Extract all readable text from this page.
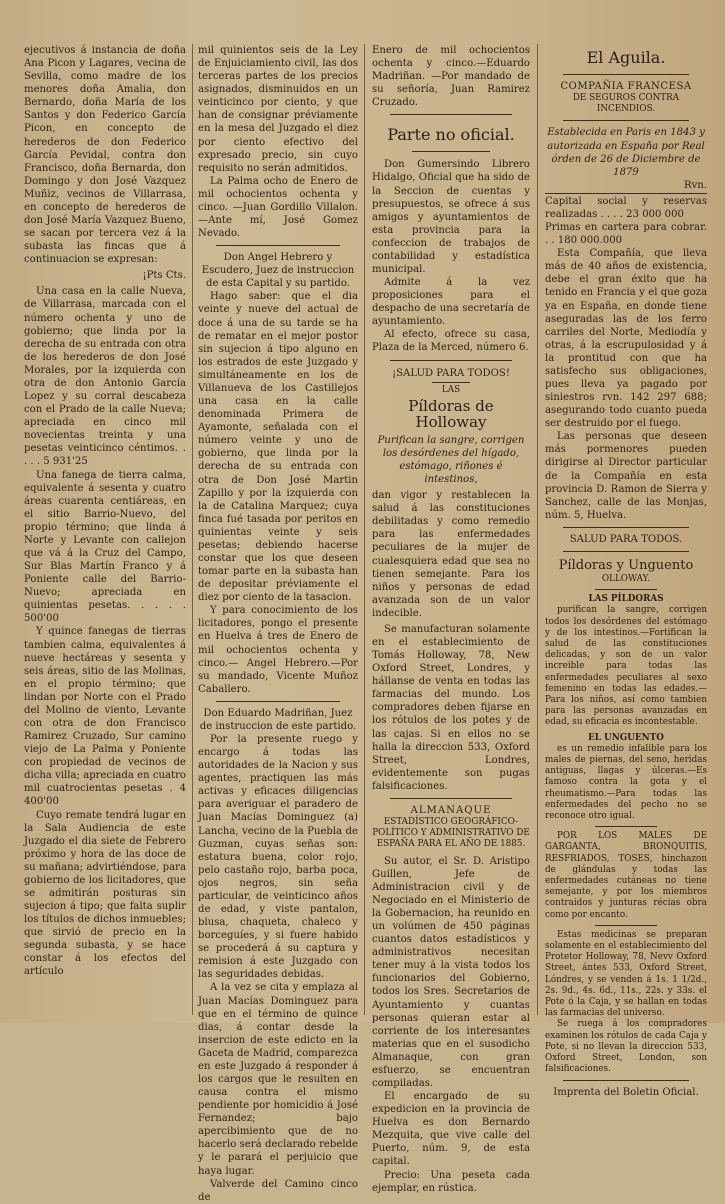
ejecutivos á instancia de doña Ana Picon y Lagares, vecina de Sevilla, como madre de los menores doña Amalia, don Bernardo, doña María de los Santos y don Federico García Picon, en concepto de herederos de don Federico García Pevidal, contra don Francisco, doña Bernarda, don Domingo y don José Vazquez Muñiz, vecinos de Villarrasa, en concepto de herederos de don José María Vazquez Bueno, se sacan por tercera vez á la subasta las fincas que á continuacion se expresan:

¡Pts Cts.

Una casa en la calle Nueva, de Villarrasa, marcada con el número ochenta y uno de gobierno; que linda por la derecha de su entrada con otra de los herederos de don José Morales, por la izquierda con otra de don Antonio García Lopez y su corral descabeza con el Prado de la calle Nueva; apreciada en cinco mil novecientas treinta y una pesetas veinticinco céntimos. . . . . 5 931'25

Una fanega de tierra calma, equivalente á sesenta y cuatro áreas cuarenta centiáreas, en el sitio Barrio-Nuevo, del propio término; que linda á Norte y Levante con callejon que vá á la Cruz del Campo, Sur Blas Martín Franco y á Poniente calle del Barrio-Nuevo; apreciada en quinientas pesetas. . . . . 500'00

Y quince fanegas de tierras tambien calma, equivalentes á nueve hectáreas y sesenta y seis áreas, sitio de las Molinas, en el propio término; que lindan por Norte con el Prado del Molino de viento, Levante con otra de don Francisco Ramirez Cruzado, Sur camino viejo de La Palma y Poniente con propiedad de vecinos de dicha villa; apreciada en cuatro mil cuatrocientas pesetas . 4 400'00

Cuyo remate tendrá lugar en la Sala Audiencia de este Juzgado el dia siete de Febrero próximo y hora de las doce de su mañana; advirtiéndose, para gobierno de los licitadores, que se admitirán posturas sin sujecion á tipo; que falta suplir los títulos de dichos inmuebles; que sirvió de precio en la segunda subasta, y se hace constar á los efectos del artículo

mil quinientos seis de la Ley de Enjuiciamiento civil, las dos terceras partes de los precios asignados, disminuidos en un veinticinco por ciento, y que han de consignar préviamente en la mesa del Juzgado el diez por ciento efectivo del expresado precio, sin cuyo requisito no serán admitidos.

La Palma ocho de Enero de mil ochocientos ochenta y cinco. —Juan Gordillo Villalon.—Ante mí, José Gomez Nevado.

Don Angel Hebrero y Escudero, Juez de instruccion de esta Capital y su partido.

Hago saber: que el dia veinte y nueve del actual de doce á una de su tarde se ha de rematar en el mejor postor sin sujecion á tipo alguno en los estrados de este Juzgado y simultáneamente en los de Villanueva de los Castillejos una casa en la calle denominada Primera de Ayamonte, señalada con el número veinte y uno de gobierno, que linda por la derecha de su entrada con otra de Don José Martin Zapillo y por la izquierda con la de Catalina Marquez; cuya finca fué tasada por peritos en quinientas veinte y seis pesetas; debiendo hacerse constar que los que deseen tomar parte en la subasta han de depositar préviamente el diez por ciento de la tasacion.

Y para conocimiento de los licitadores, pongo el presente en Huelva á tres de Enero de mil ochocientos ochenta y cinco.— Angel Hebrero.—Por su mandado, Vicente Muñoz Caballero.

Don Eduardo Madriñan, Juez de instruccion de este partido.

Por la presente ruego y encargo á todas las autoridades de la Nacion y sus agentes, practiquen las más activas y eficaces diligencias para averiguar el paradero de Juan Macías Dominguez (a) Lancha, vecino de la Puebla de Guzman, cuyas señas son: estatura buena, color rojo, pelo castaño rojo, barba poca, ojos negros, sin seña particular, de veinticinco años de edad, y viste pantalon, blusa, chaqueta, chaleco y borceguíes, y si fuere habido se procederá á su captura y remision á este Juzgado con las seguridades debidas.

A la vez se cita y emplaza al Juan Macías Dominguez para que en el término de quince dias, á contar desde la insercion de este edicto en la Gaceta de Madrid, comparezca en este Juzgado á responder á los cargos que le resulten en causa contra el mismo pendiente por homicidio á José Fernandez; bajo apercibimiento que de no hacerlo será declarado rebelde y le parará el perjuicio que haya lugar.

Valverde del Camino cinco de

Enero de mil ochocientos ochenta y cinco.—Eduardo Madriñan. —Por mandado de su señoría, Juan Ramirez Cruzado.

Parte no oficial.

Don Gumersindo Librero Hidalgo, Oficial que ha sido de la Seccion de cuentas y presupuestos, se ofrece á sus amigos y ayuntamientos de esta provincia para la confeccion de trabajos de contabilidad y estadística municipal.

Admite á la vez proposiciones para el despacho de una secretaría de ayuntamiento.

Al efecto, ofrece su casa, Plaza de la Merced, número 6.

¡SALUD PARA TODOS!
LAS
Píldoras de Holloway

Purifican la sangre, corrigen los desórdenes del hígado, estómago, riñones é intestinos,

dan vigor y restablecen la salud á las constituciones debilitadas y como remedio para las enfermedades peculiares de la mujer de cualesquiera edad que sea no tienen semejante. Para los niños y personas de edad avanzada son de un valor indecible.

Se manufacturan solamente en el establecimiento de Tomás Holloway, 78, New Oxford Street, Londres, y hállanse de venta en todas las farmacias del mundo. Los compradores deben fijarse en los rótulos de los potes y de las cajas. Si en ellos no se halla la direccion 533, Oxford Street, Londres, evidentemente son pugas falsificaciones.

ALMANAQUE

ESTADÍSTICO GEOGRÁFICO-POLÍTICO Y ADMINISTRATIVO DE ESPAÑA PARA EL AÑO DE 1885.

Su autor, el Sr. D. Aristipo Guillen, Jefe de Administracion civil y de Negociado en el Ministerio de la Gobernacion, ha reunido en un volúmen de 450 páginas cuantos datos estadísticos y administrativos necesitan tener muy á la vista todos los funcionarios del Gobierno, todos los Sres. Secretarios de Ayuntamiento y cuantas personas quieran estar al corriente de los interesantes materias que en el susodicho Almanaque, con gran esfuerzo, se encuentran compiladas.

El encargado de su expedicion en la provincia de Huelva es don Bernardo Mezquita, que vive calle del Puerto, núm. 9, de esta capital.

Precio: Una peseta cada ejemplar, en rústica.

El Aguila.
COMPAÑIA FRANCESA
DE SEGUROS CONTRA INCENDIOS.

Establecida en Paris en 1843 y autorizada en España por Real órden de 26 de Diciembre de 1879

Rvn.

Capital social y reservas realizadas . . . . 23 000 000

Primas en cartera para cobrar. . . 180 000.000

Esta Compañía, que lleva más de 40 años de existencia, debe el gran éxito que ha tenido en Francia y el que goza ya en España, en donde tiene aseguradas las de los ferro carriles del Norte, Mediodía y otras, á la escrupulosidad y á la prontitud con que ha satisfecho sus obligaciones, pues lleva ya pagado por siniestros rvn. 142 297 688; asegurando todo cuanto pueda ser destruido por el fuego.

Las personas que deseen más pormenores pueden dirigirse al Director particular de la Compañía en esta provincia D. Ramon de Sierra y Sanchez, calle de las Monjas, núm. 5, Huelva.

SALUD PARA TODOS.
Píldoras y Unguento
OLLOWAY.
LAS PÍLDORAS

purifican la sangre, corrigen todos los desórdenes del estómago y de los intestinos.—Fortifican la salud de las constituciones delicadas, y son de un valor increible para todas las enfermedades peculiares al sexo femenino en todas las edades.—Para los niños, así como tambien para las personas avanzadas en edad, su eficacia es incontestable.

EL UNGUENTO

es un remedio infalible para los males de piernas, del seno, heridas antiguas, llagas y úlceras.—Es famoso contra la gota y el rheumatismo.—Para todas las enfermedades del pecho no se reconoce otro igual.

POR LOS MALES DE GARGANTA, BRONQUITIS, RESFRIADOS, TOSES, hinchazon de glándulas y todas las enfermedades cutáneas no tiene semejante, y por los miembros contraidos y junturas récias obra como por encanto.

Estas medicinas se preparan solamente en el establecimiento del Protetor Holloway, 78, Nevv Oxford Street, ántes 533, Oxford Street, Lóndres, y se venden á 1s. 1 1/2d., 2s. 9d., 4s. 6d., 11s., 22s. y 33s. el Pote ó la Caja, y se hallan en todas las farmacias del universo.

Se ruega á los compradores examinen los rótulos de cada Caja y Pote, si no llevan la direccion 533, Oxford Street, London, son falsificaciones.

Imprenta del Boletin Oficial.
